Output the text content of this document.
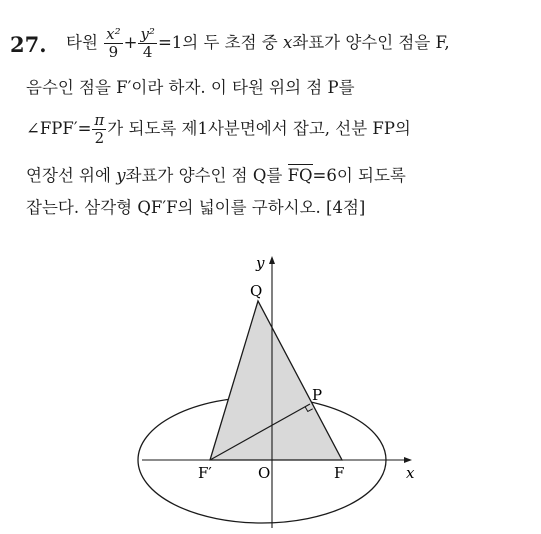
27. 타원 $\frac{\text{x²}}{9} + \frac{\text{y²}}{4} =1$의 두 초점 중 x좌표가 양수인 점을 F,
음수인 점을 F′이라 하자. 이 타원 위의 점 P를
∠FPF′= $\frac{\pi}{2}$ 가 되도록 제1사분면에서 잡고, 선분 FP의
연장선 위에 y좌표가 양수인 점 Q를 FQ=6이 되도록
잡는다. 삼각형 QF′F의 넓이를 구하시오. [4점]
y
x
Q
P
F′	O	F
